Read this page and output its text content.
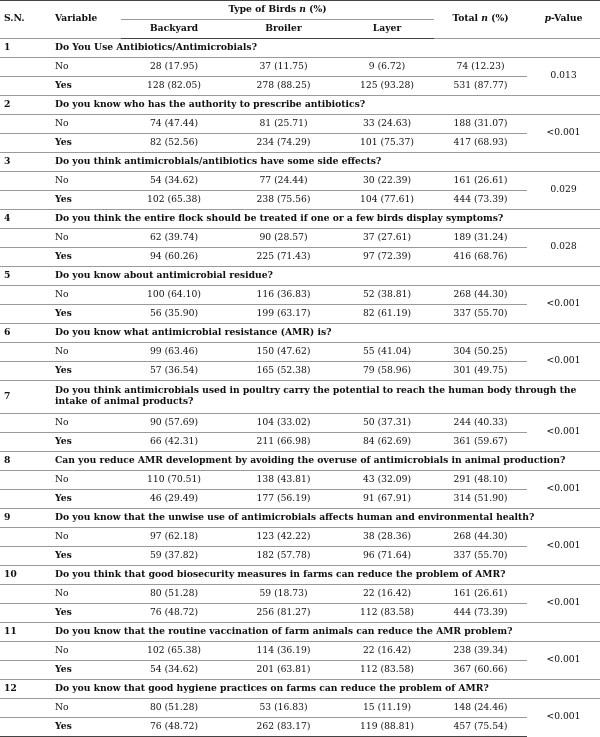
S.N.	Variable	Type of Birds n (%)			Total n (%)	p-Value
		Backyard	Broiler	Layer		
1	Do You Use Antibiotics/Antimicrobials?					
	No	28 (17.95)	37 (11.75)	9 (6.72)	74 (12.23)	0.013
	Yes	128 (82.05)	278 (88.25)	125 (93.28)	531 (87.77)	
2	Do you know who has the authority to prescribe antibiotics?					
	No	74 (47.44)	81 (25.71)	33 (24.63)	188 (31.07)	<0.001
	Yes	82 (52.56)	234 (74.29)	101 (75.37)	417 (68.93)	
3	Do you think antimicrobials/antibiotics have some side effects?					
	No	54 (34.62)	77 (24.44)	30 (22.39)	161 (26.61)	0.029
	Yes	102 (65.38)	238 (75.56)	104 (77.61)	444 (73.39)	
4	Do you think the entire flock should be treated if one or a few birds display symptoms?					
	No	62 (39.74)	90 (28.57)	37 (27.61)	189 (31.24)	0.028
	Yes	94 (60.26)	225 (71.43)	97 (72.39)	416 (68.76)	
5	Do you know about antimicrobial residue?					
	No	100 (64.10)	116 (36.83)	52 (38.81)	268 (44.30)	<0.001
	Yes	56 (35.90)	199 (63.17)	82 (61.19)	337 (55.70)	
6	Do you know what antimicrobial resistance (AMR) is?					
	No	99 (63.46)	150 (47.62)	55 (41.04)	304 (50.25)	<0.001
	Yes	57 (36.54)	165 (52.38)	79 (58.96)	301 (49.75)	
7	Do you think antimicrobials used in poultry carry the potential to reach the human body through the intake of animal products?					
	No	90 (57.69)	104 (33.02)	50 (37.31)	244 (40.33)	<0.001
	Yes	66 (42.31)	211 (66.98)	84 (62.69)	361 (59.67)	
8	Can you reduce AMR development by avoiding the overuse of antimicrobials in animal production?					
	No	110 (70.51)	138 (43.81)	43 (32.09)	291 (48.10)	<0.001
	Yes	46 (29.49)	177 (56.19)	91 (67.91)	314 (51.90)	
9	Do you know that the unwise use of antimicrobials affects human and environmental health?					
	No	97 (62.18)	123 (42.22)	38 (28.36)	268 (44.30)	<0.001
	Yes	59 (37.82)	182 (57.78)	96 (71.64)	337 (55.70)	
10	Do you think that good biosecurity measures in farms can reduce the problem of AMR?					
	No	80 (51.28)	59 (18.73)	22 (16.42)	161 (26.61)	<0.001
	Yes	76 (48.72)	256 (81.27)	112 (83.58)	444 (73.39)	
11	Do you know that the routine vaccination of farm animals can reduce the AMR problem?					
	No	102 (65.38)	114 (36.19)	22 (16.42)	238 (39.34)	<0.001
	Yes	54 (34.62)	201 (63.81)	112 (83.58)	367 (60.66)	
12	Do you know that good hygiene practices on farms can reduce the problem of AMR?					
	No	80 (51.28)	53 (16.83)	15 (11.19)	148 (24.46)	<0.001
	Yes	76 (48.72)	262 (83.17)	119 (88.81)	457 (75.54)	
